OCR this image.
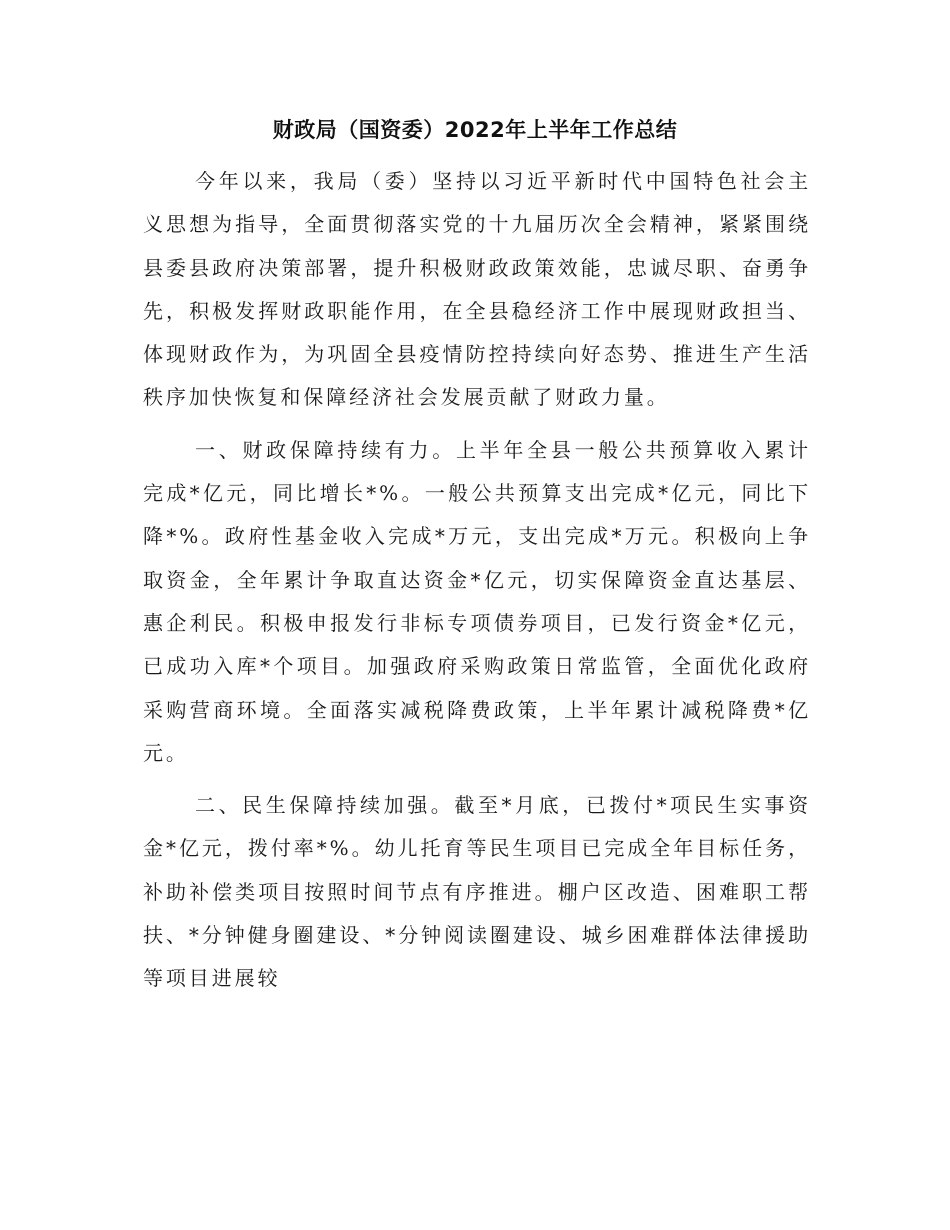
财政局（国资委）2022年上半年工作总结

今年以来，我局（委）坚持以习近平新时代中国特色社会主义思想为指导，全面贯彻落实党的十九届历次全会精神，紧紧围绕县委县政府决策部署，提升积极财政政策效能，忠诚尽职、奋勇争先，积极发挥财政职能作用，在全县稳经济工作中展现财政担当、体现财政作为，为巩固全县疫情防控持续向好态势、推进生产生活秩序加快恢复和保障经济社会发展贡献了财政力量。

一、财政保障持续有力。上半年全县一般公共预算收入累计完成*亿元，同比增长*%。一般公共预算支出完成*亿元，同比下降*%。政府性基金收入完成*万元，支出完成*万元。积极向上争取资金，全年累计争取直达资金*亿元，切实保障资金直达基层、惠企利民。积极申报发行非标专项债券项目，已发行资金*亿元，已成功入库*个项目。加强政府采购政策日常监管，全面优化政府采购营商环境。全面落实减税降费政策，上半年累计减税降费*亿元。

二、民生保障持续加强。截至*月底，已拨付*项民生实事资金*亿元，拨付率*%。幼儿托育等民生项目已完成全年目标任务，补助补偿类项目按照时间节点有序推进。棚户区改造、困难职工帮扶、*分钟健身圈建设、*分钟阅读圈建设、城乡困难群体法律援助等项目进展较
